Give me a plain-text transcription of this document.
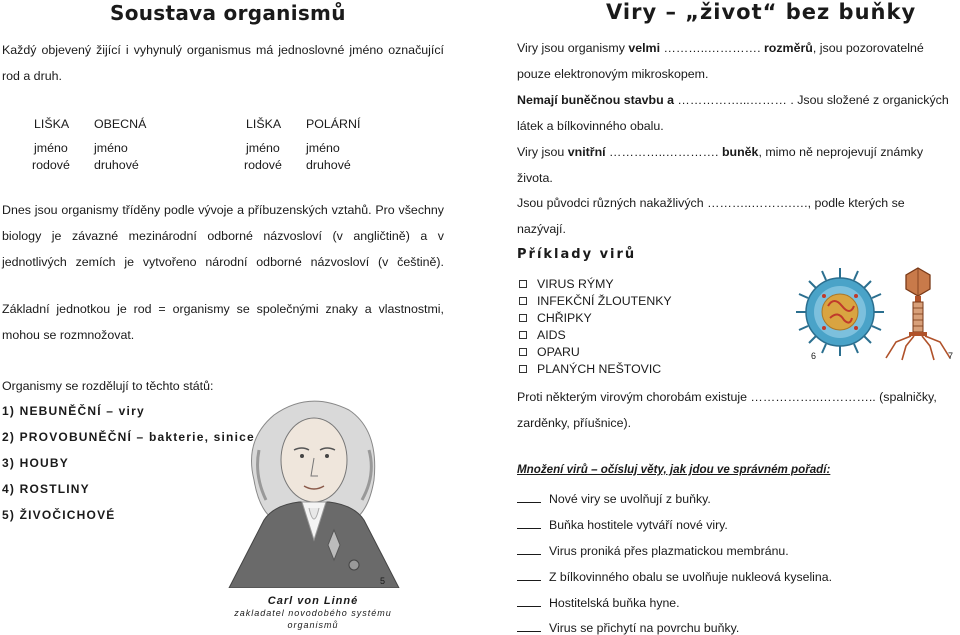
Soustava organismů
Každý objevený žijící i vyhynulý organismus má jednoslovné jméno označující
rod a druh.
LIŠKA OBECNÁ	LIŠKA POLÁRNÍ
jméno jméno	jméno jméno
rodové druhové	rodové druhové
Dnes jsou organismy tříděny podle vývoje a příbuzenských vztahů. Pro všechny biology je závazné mezinárodní odborné názvosloví (v angličtině) a v jednotlivých zemích je vytvořeno národní odborné názvosloví (v češtině).
Základní jednotkou je rod = organismy se společnými znaky a vlastnostmi, mohou se rozmnožovat.
Organismy se rozdělují to těchto států:
1) NEBUNĚČNÍ – viry
2) PROVOBUNĚČNÍ – bakterie, sinice
3) HOUBY
4) ROSTLINY
5) ŽIVOČICHOVÉ
5
Carl von Linné
zakladatel novodobého systému organismů
Viry – „život“ bez buňky
Viry jsou organismy velmi ………..…………. rozměrů, jsou pozorovatelné
pouze elektronovým mikroskopem.
Nemají buněčnou stavbu a ……………...……… . Jsou složené z organických
látek a bílkovinného obalu.
Viry jsou vnitřní …………..…………. buněk, mimo ně neprojevují známky
života.
Jsou původci různých nakažlivých ………..……….…., podle kterých se
nazývají.
Příklady virů
VIRUS RÝMY
INFEKČNÍ ŽLOUTENKY
CHŘIPKY
AIDS
OPARU
PLANÝCH NEŠTOVIC
6	7
Proti některým virovým chorobám existuje ……………..………….. (spalničky,
zarděnky, příušnice).
Množení virů – očísluj věty, jak jdou ve správném pořadí:
Nové viry se uvolňují z buňky.
Buňka hostitele vytváří nové viry.
Virus proniká přes plazmatickou membránu.
Z bílkovinného obalu se uvolňuje nukleová kyselina.
Hostitelská buňka hyne.
Virus se přichytí na povrchu buňky.
